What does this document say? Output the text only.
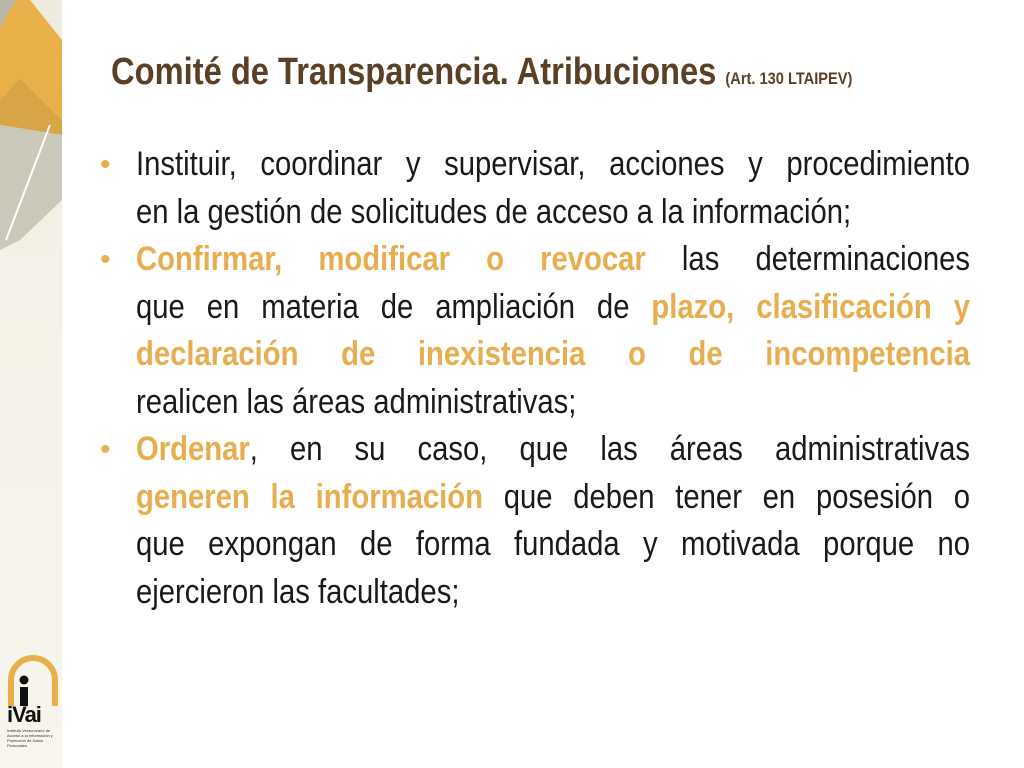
iVai
Instituto Veracruzano de Acceso a la Información y Protección de Datos Personales
Comité de Transparencia. Atribuciones (Art. 130 LTAIPEV)
• Instituir, coordinar y supervisar, acciones y procedimiento
en la gestión de solicitudes de acceso a la información;
• Confirmar, modificar o revocar las determinaciones
que en materia de ampliación de plazo, clasificación y
declaración de inexistencia o de incompetencia
realicen las áreas administrativas;
• Ordenar, en su caso, que las áreas administrativas
generen la información que deben tener en posesión o
que expongan de forma fundada y motivada porque no
ejercieron las facultades;
